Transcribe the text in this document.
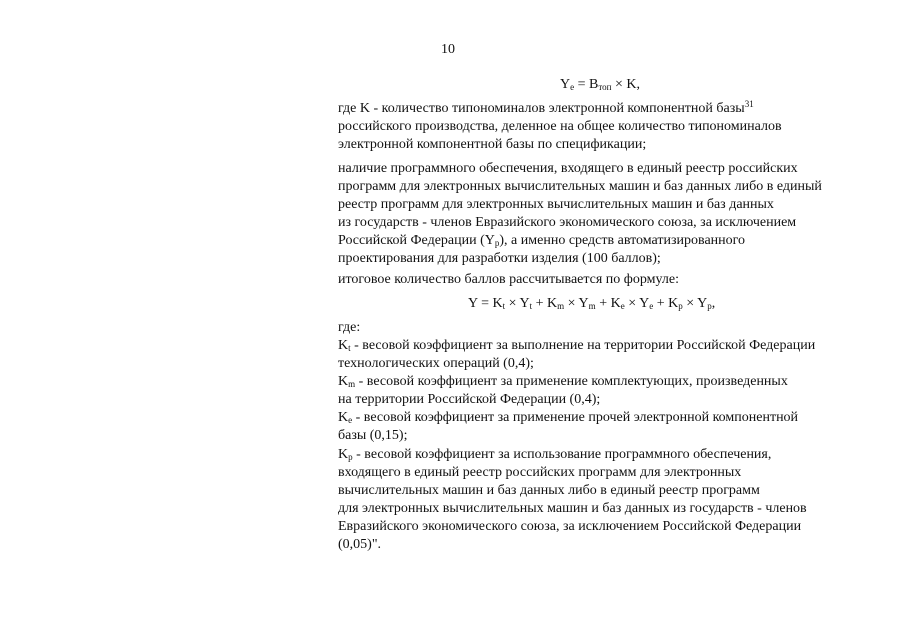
10
$Y_e = B_{топ} \times K$,
где K - количество типономиналов электронной компонентной базы$^{31}$
российского производства, деленное на общее количество типономиналов
электронной компонентной базы по спецификации;
наличие программного обеспечения, входящего в единый реестр российских
программ для электронных вычислительных машин и баз данных либо в единый
реестр программ для электронных вычислительных машин и баз данных
из государств - членов Евразийского экономического союза, за исключением
Российской Федерации $(Y_p)$, а именно средств автоматизированного
проектирования для разработки изделия (100 баллов);
итоговое количество баллов рассчитывается по формуле:
$Y = K_t \times Y_t + K_m \times Y_m + K_e \times Y_e + K_p \times Y_p$,
где:
$K_t$ - весовой коэффициент за выполнение на территории Российской Федерации
технологических операций (0,4);
$K_m$ - весовой коэффициент за применение комплектующих, произведенных
на территории Российской Федерации (0,4);
$K_e$ - весовой коэффициент за применение прочей электронной компонентной
базы (0,15);
$K_p$ - весовой коэффициент за использование программного обеспечения,
входящего в единый реестр российских программ для электронных
вычислительных машин и баз данных либо в единый реестр программ
для электронных вычислительных машин и баз данных из государств - членов
Евразийского экономического союза, за исключением Российской Федерации
(0,05)".
